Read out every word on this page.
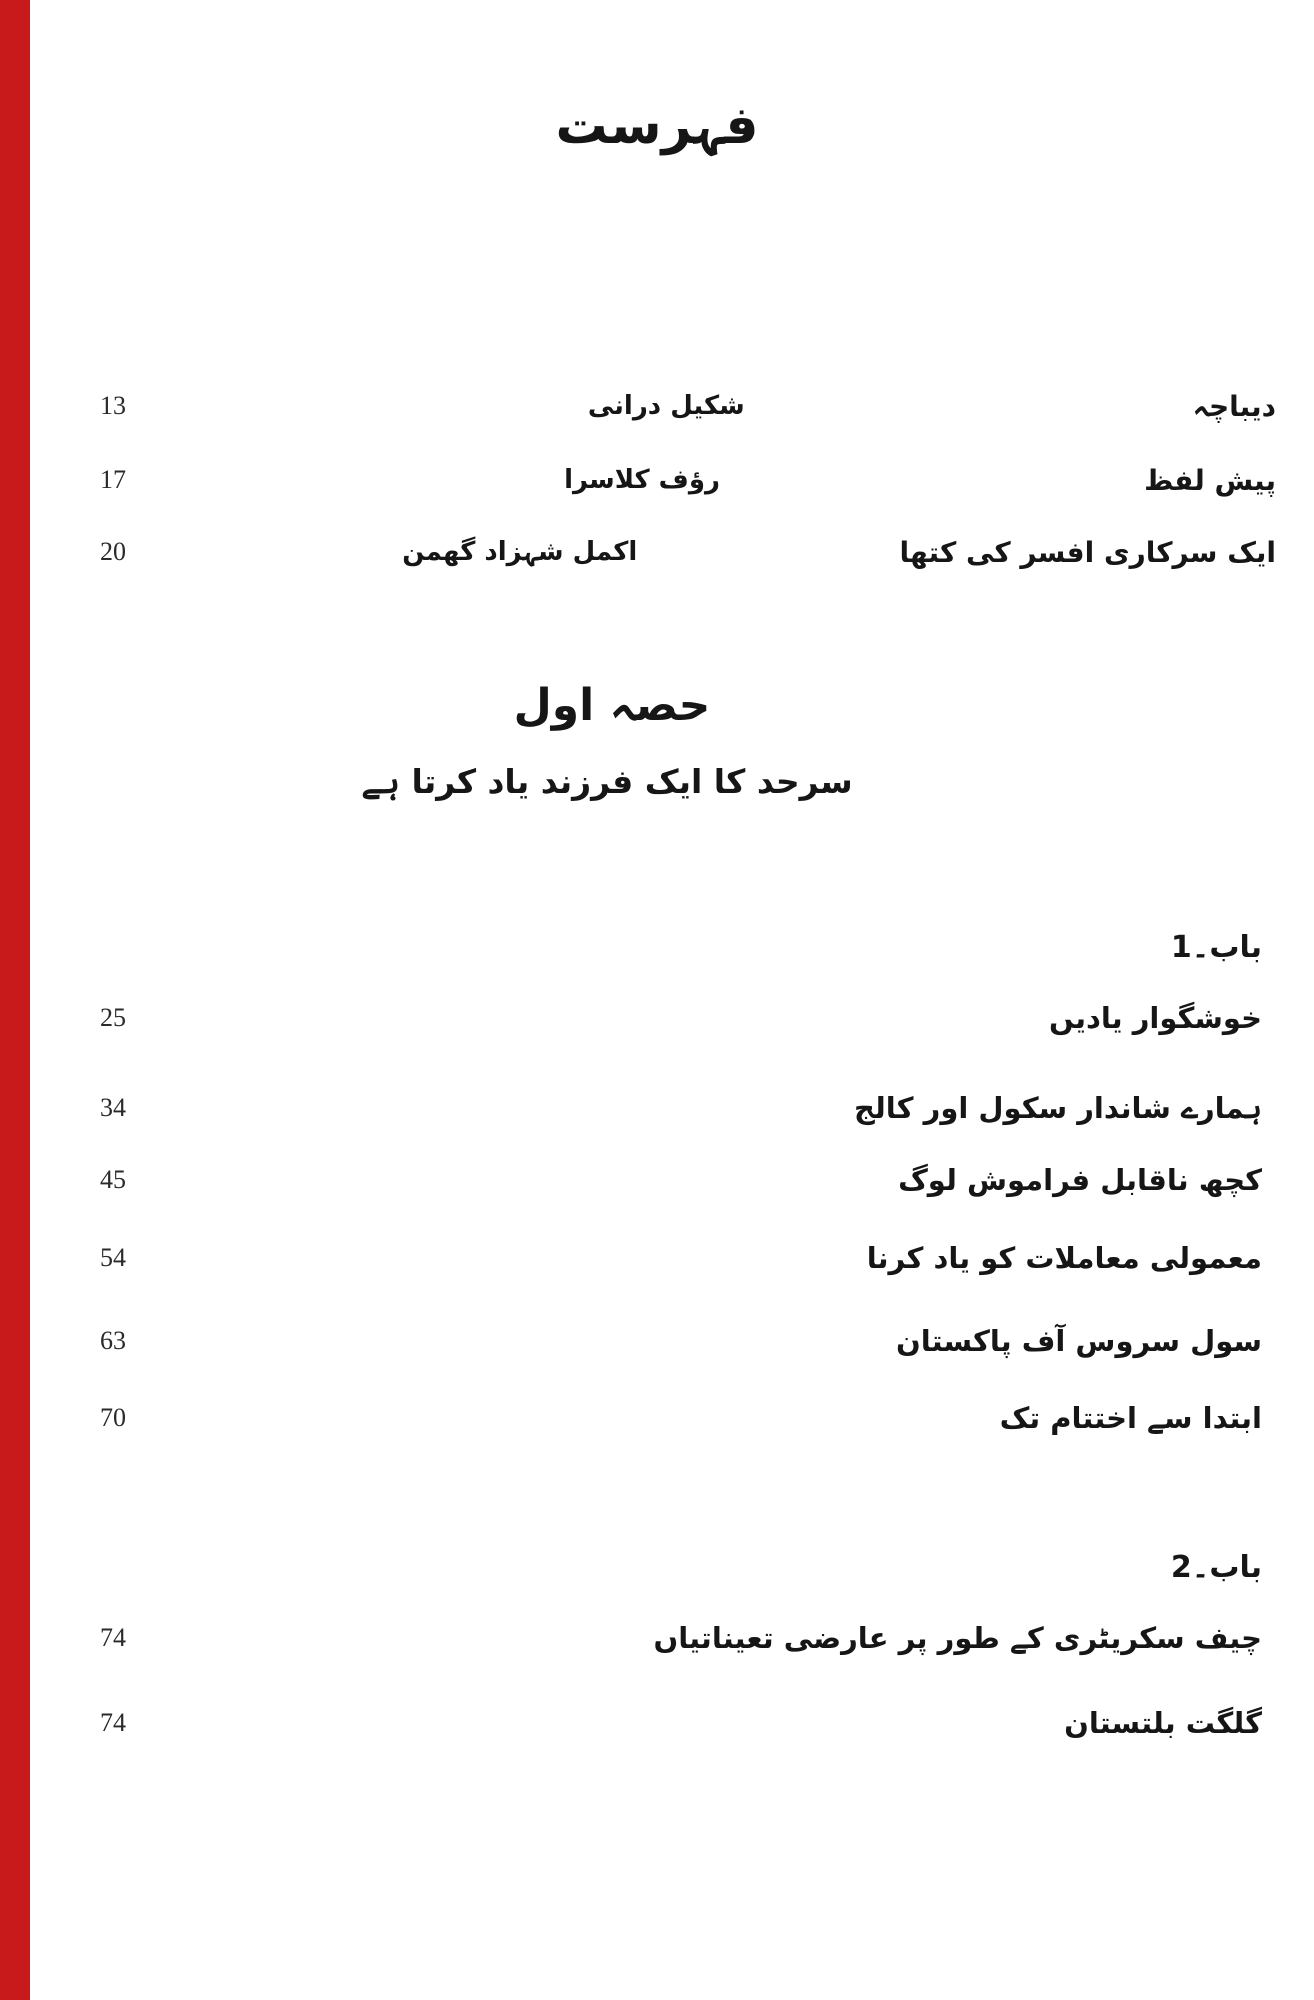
فہرست
13	شکیل درانی	دیباچہ
17	رؤف کلاسرا	پیش لفظ
20	اکمل شہزاد گھمن	ایک سرکاری افسر کی کتھا
حصہ اول
سرحد کا ایک فرزند یاد کرتا ہے
باب۔1
25	خوشگوار یادیں
34	ہمارے شاندار سکول اور کالج
45	کچھ ناقابل فراموش لوگ
54	معمولی معاملات کو یاد کرنا
63	سول سروس آف پاکستان
70	ابتدا سے اختتام تک
باب۔2
74	چیف سکریٹری کے طور پر عارضی تعیناتیاں
74	گلگت بلتستان
